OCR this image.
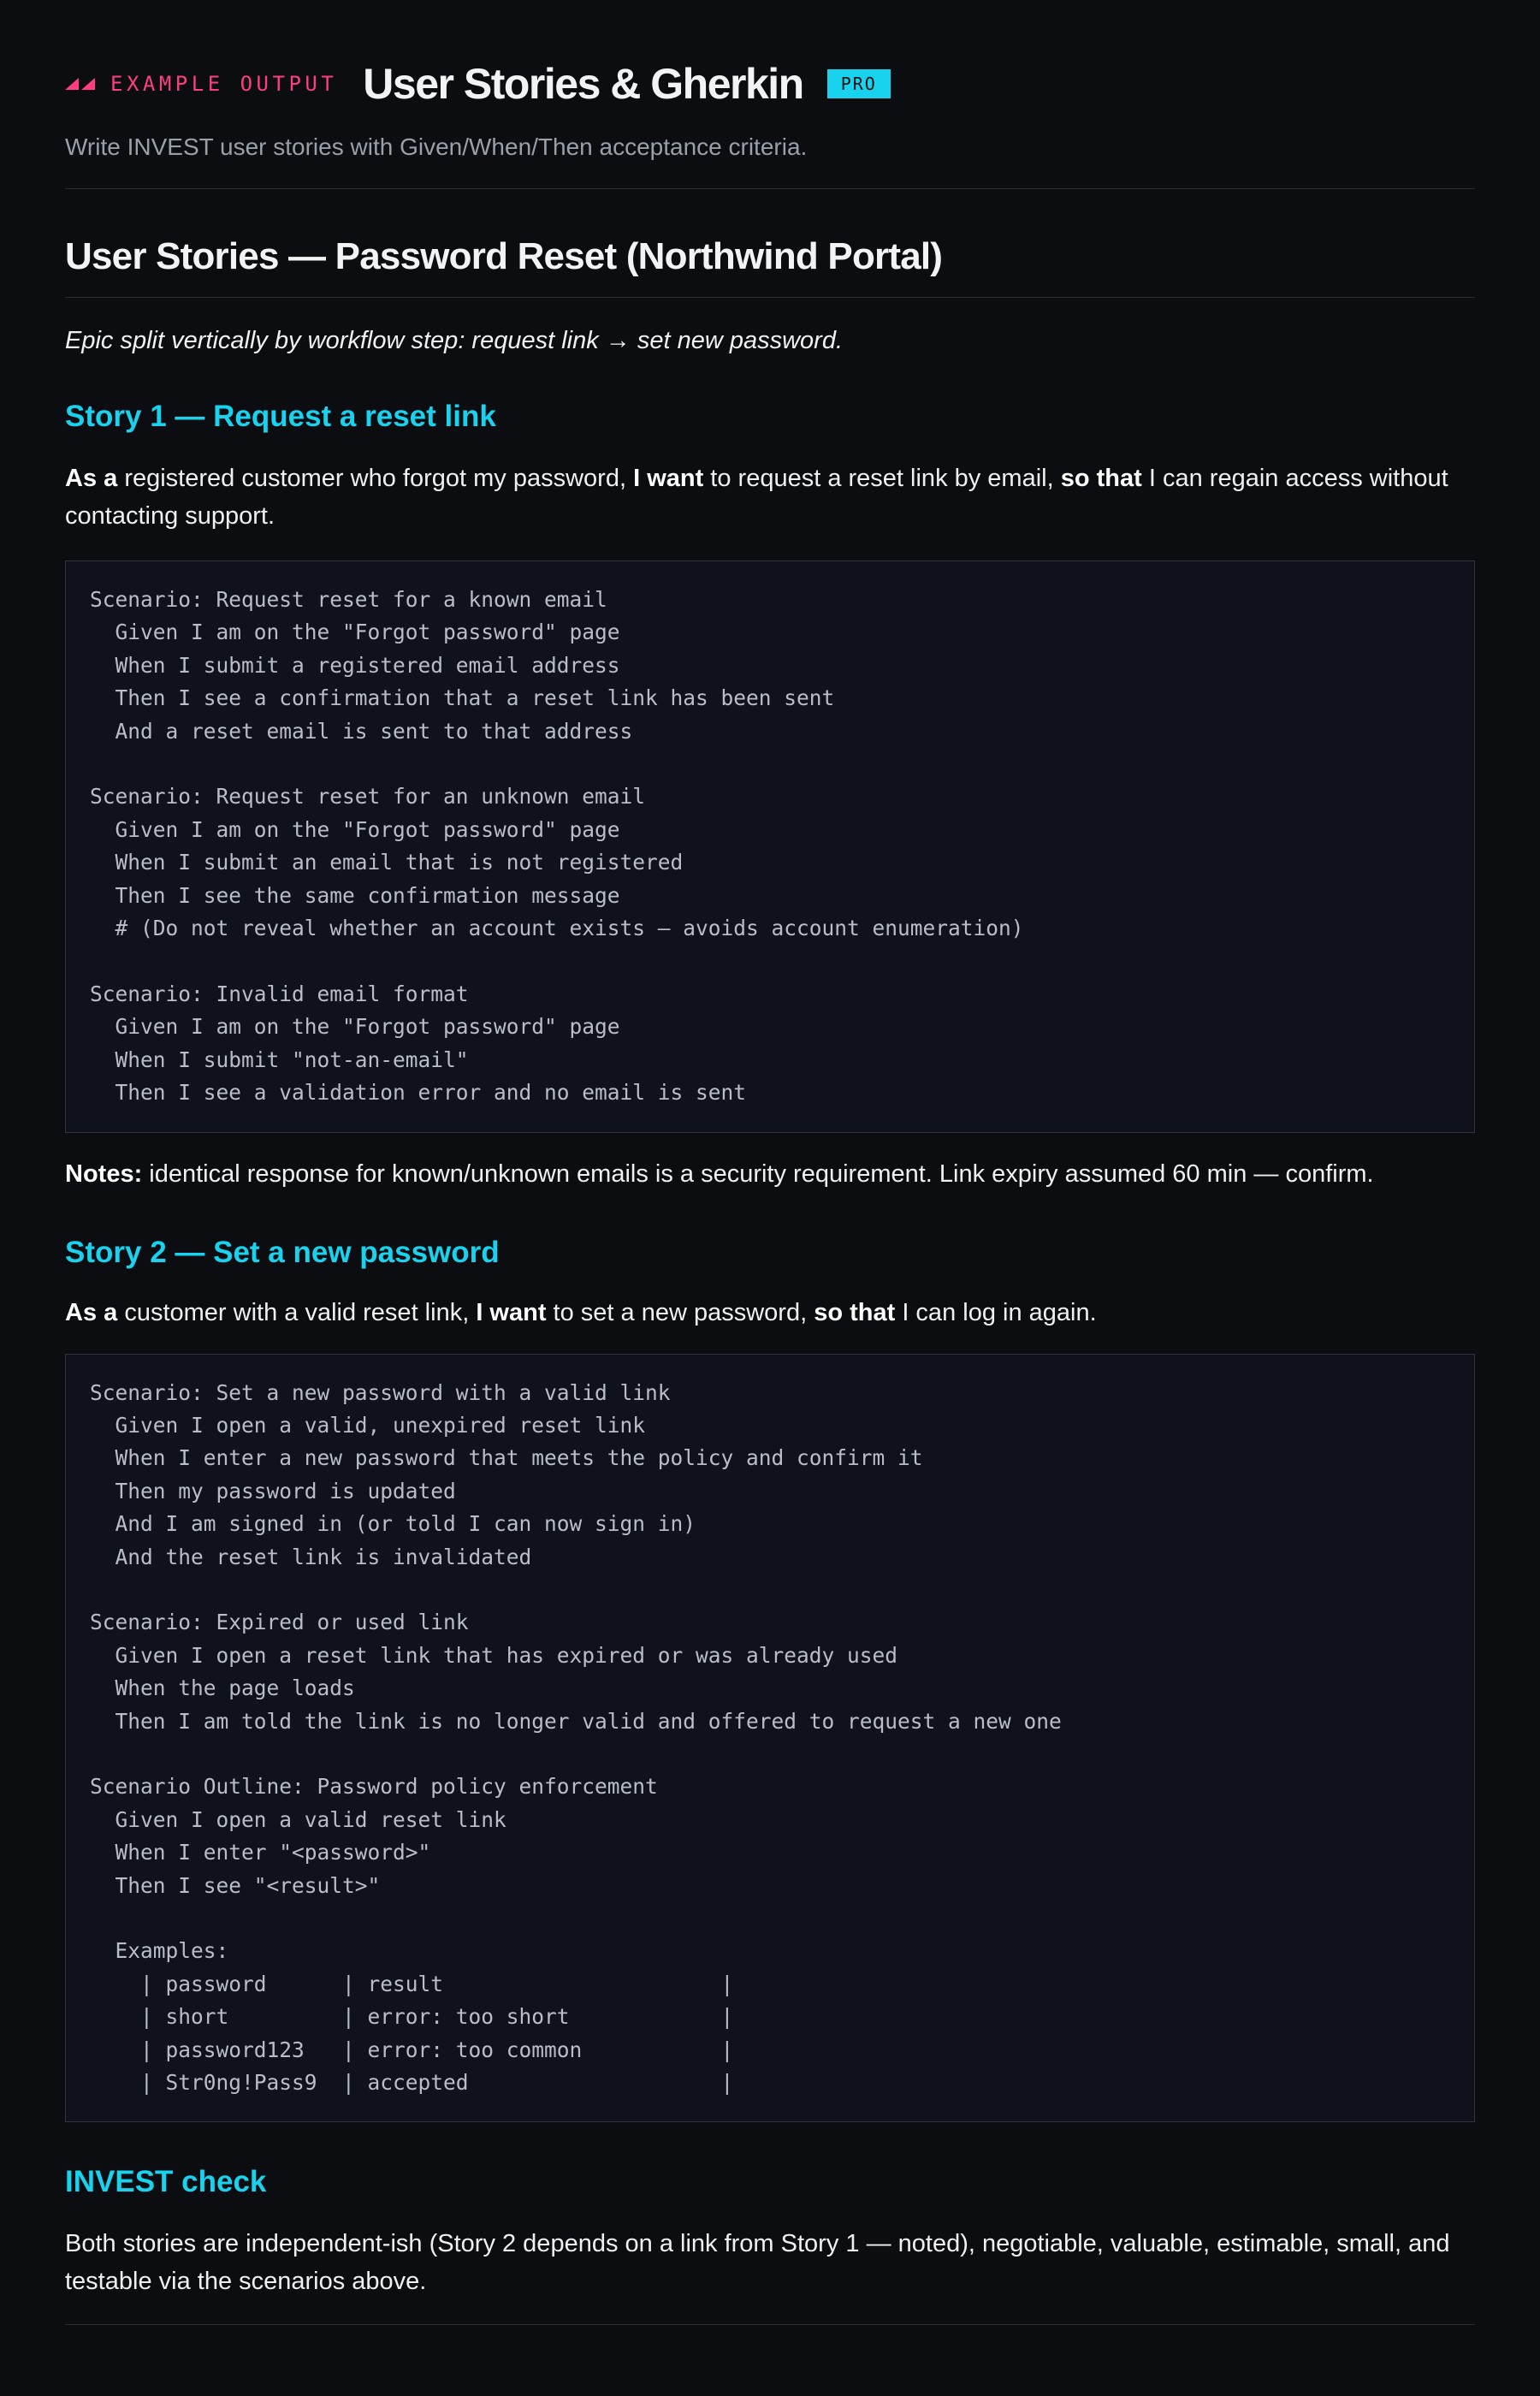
EXAMPLE OUTPUT User Stories & Gherkin	PRO
Write INVEST user stories with Given/When/Then acceptance criteria.
User Stories — Password Reset (Northwind Portal)
Epic split vertically by workflow step: request link → set new password.
Story 1 — Request a reset link

As a registered customer who forgot my password, I want to request a reset link by email, so that I can regain access without contacting support.

Scenario: Request reset for a known email
Given I am on the "Forgot password" page
When I submit a registered email address
Then I see a confirmation that a reset link has been sent
And a reset email is sent to that address

Scenario: Request reset for an unknown email
Given I am on the "Forgot password" page
When I submit an email that is not registered
Then I see the same confirmation message
# (Do not reveal whether an account exists — avoids account enumeration)

Scenario: Invalid email format
Given I am on the "Forgot password" page
When I submit "not-an-email"
Then I see a validation error and no email is sent

Notes: identical response for known/unknown emails is a security requirement. Link expiry assumed 60 min — confirm.

Story 2 — Set a new password

As a customer with a valid reset link, I want to set a new password, so that I can log in again.

Scenario: Set a new password with a valid link
Given I open a valid, unexpired reset link
When I enter a new password that meets the policy and confirm it
Then my password is updated
And I am signed in (or told I can now sign in)
And the reset link is invalidated

Scenario: Expired or used link
Given I open a reset link that has expired or was already used
When the page loads
Then I am told the link is no longer valid and offered to request a new one

Scenario Outline: Password policy enforcement
Given I open a valid reset link
When I enter "<password>"
Then I see "<result>"

Examples:
| password      | result                      |
| short         | error: too short            |
| password123   | error: too common           |
| Str0ng!Pass9  | accepted                    |
INVEST check

Both stories are independent-ish (Story 2 depends on a link from Story 1 — noted), negotiable, valuable, estimable, small, and testable via the scenarios above.
